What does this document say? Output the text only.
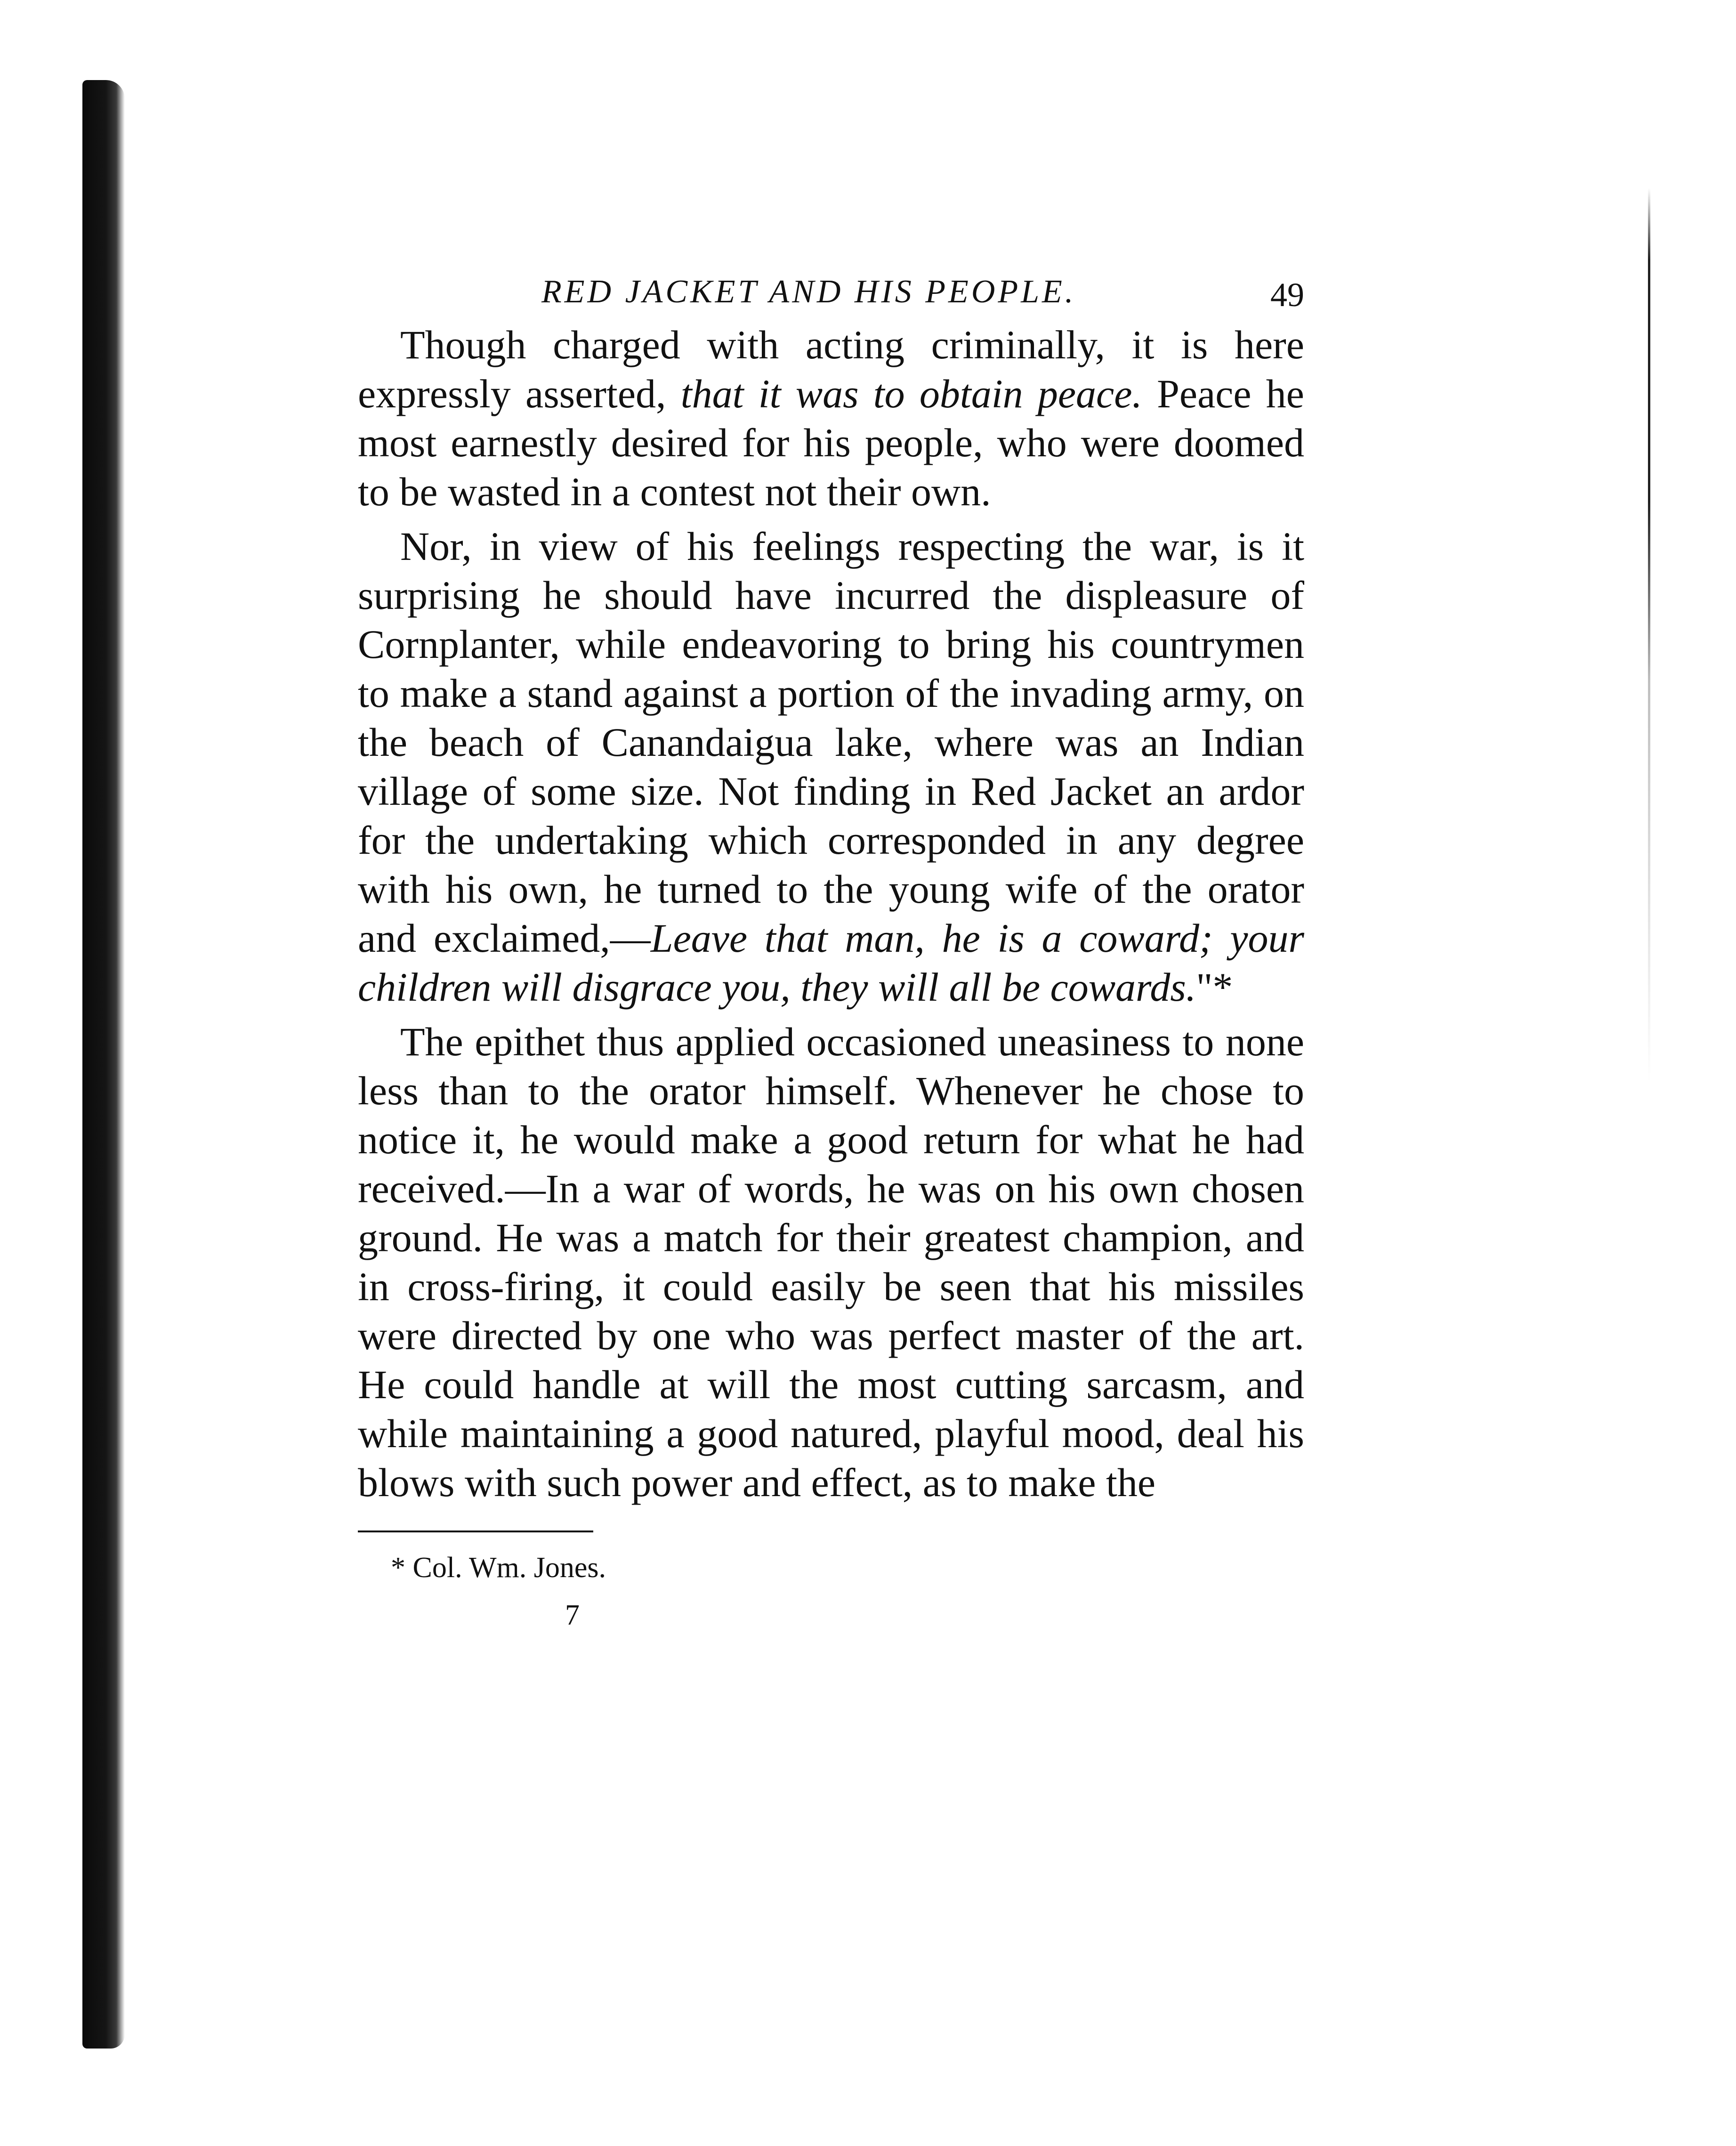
RED JACKET AND HIS PEOPLE.	49

Though charged with acting criminally, it is here expressly asserted, that it was to obtain peace. Peace he most earnestly desired for his people, who were doomed to be wasted in a contest not their own.

Nor, in view of his feelings respecting the war, is it surprising he should have incurred the displeasure of Cornplanter, while endeavoring to bring his countrymen to make a stand against a portion of the invading army, on the beach of Canandaigua lake, where was an Indian village of some size. Not finding in Red Jacket an ardor for the undertaking which corresponded in any degree with his own, he turned to the young wife of the orator and exclaimed,—Leave that man, he is a coward; your children will disgrace you, they will all be cowards."*

The epithet thus applied occasioned uneasiness to none less than to the orator himself. Whenever he chose to notice it, he would make a good return for what he had received.—In a war of words, he was on his own chosen ground. He was a match for their greatest champion, and in cross-firing, it could easily be seen that his missiles were directed by one who was perfect master of the art. He could handle at will the most cutting sarcasm, and while maintaining a good natured, playful mood, deal his blows with such power and effect, as to make the

* Col. Wm. Jones.
7
